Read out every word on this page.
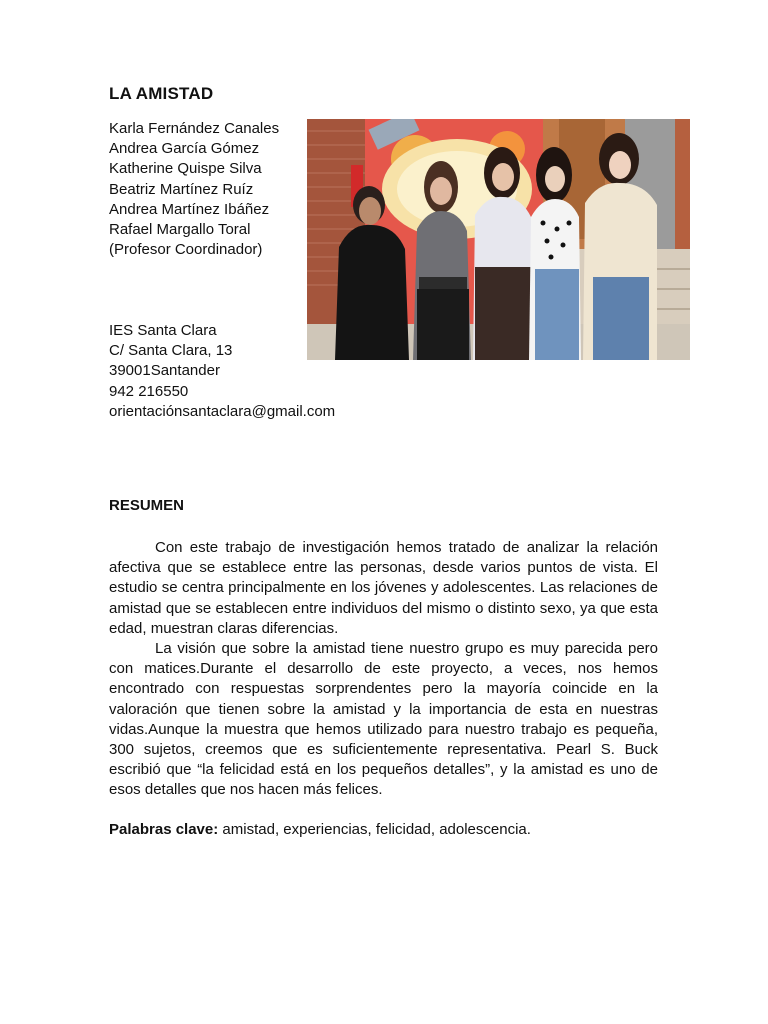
LA AMISTAD
Karla Fernández Canales
Andrea García Gómez
Katherine Quispe Silva
Beatriz Martínez Ruíz
Andrea Martínez Ibáñez
Rafael Margallo Toral
(Profesor Coordinador)
IES Santa Clara
C/ Santa Clara, 13
39001Santander
942 216550
orientaciónsantaclara@gmail.com
RESUMEN

Con este trabajo de investigación hemos tratado de analizar la relación afectiva que se establece entre las personas, desde varios puntos de vista. El estudio se centra principalmente en los jóvenes y adolescentes. Las relaciones de amistad que se establecen entre individuos del mismo o distinto sexo, ya que esta edad, muestran claras diferencias.

La visión que sobre la amistad tiene nuestro grupo es muy parecida pero con matices.Durante el desarrollo de este proyecto, a veces, nos hemos encontrado con respuestas sorprendentes pero la mayoría coincide en la valoración que tienen sobre la amistad y la importancia de esta en nuestras vidas.Aunque la muestra que hemos utilizado para nuestro trabajo es pequeña, 300 sujetos, creemos que es suficientemente representativa. Pearl S. Buck escribió que “la felicidad está en los pequeños detalles”, y la amistad es uno de esos detalles que nos hacen más felices.

Palabras clave: amistad, experiencias, felicidad, adolescencia.
